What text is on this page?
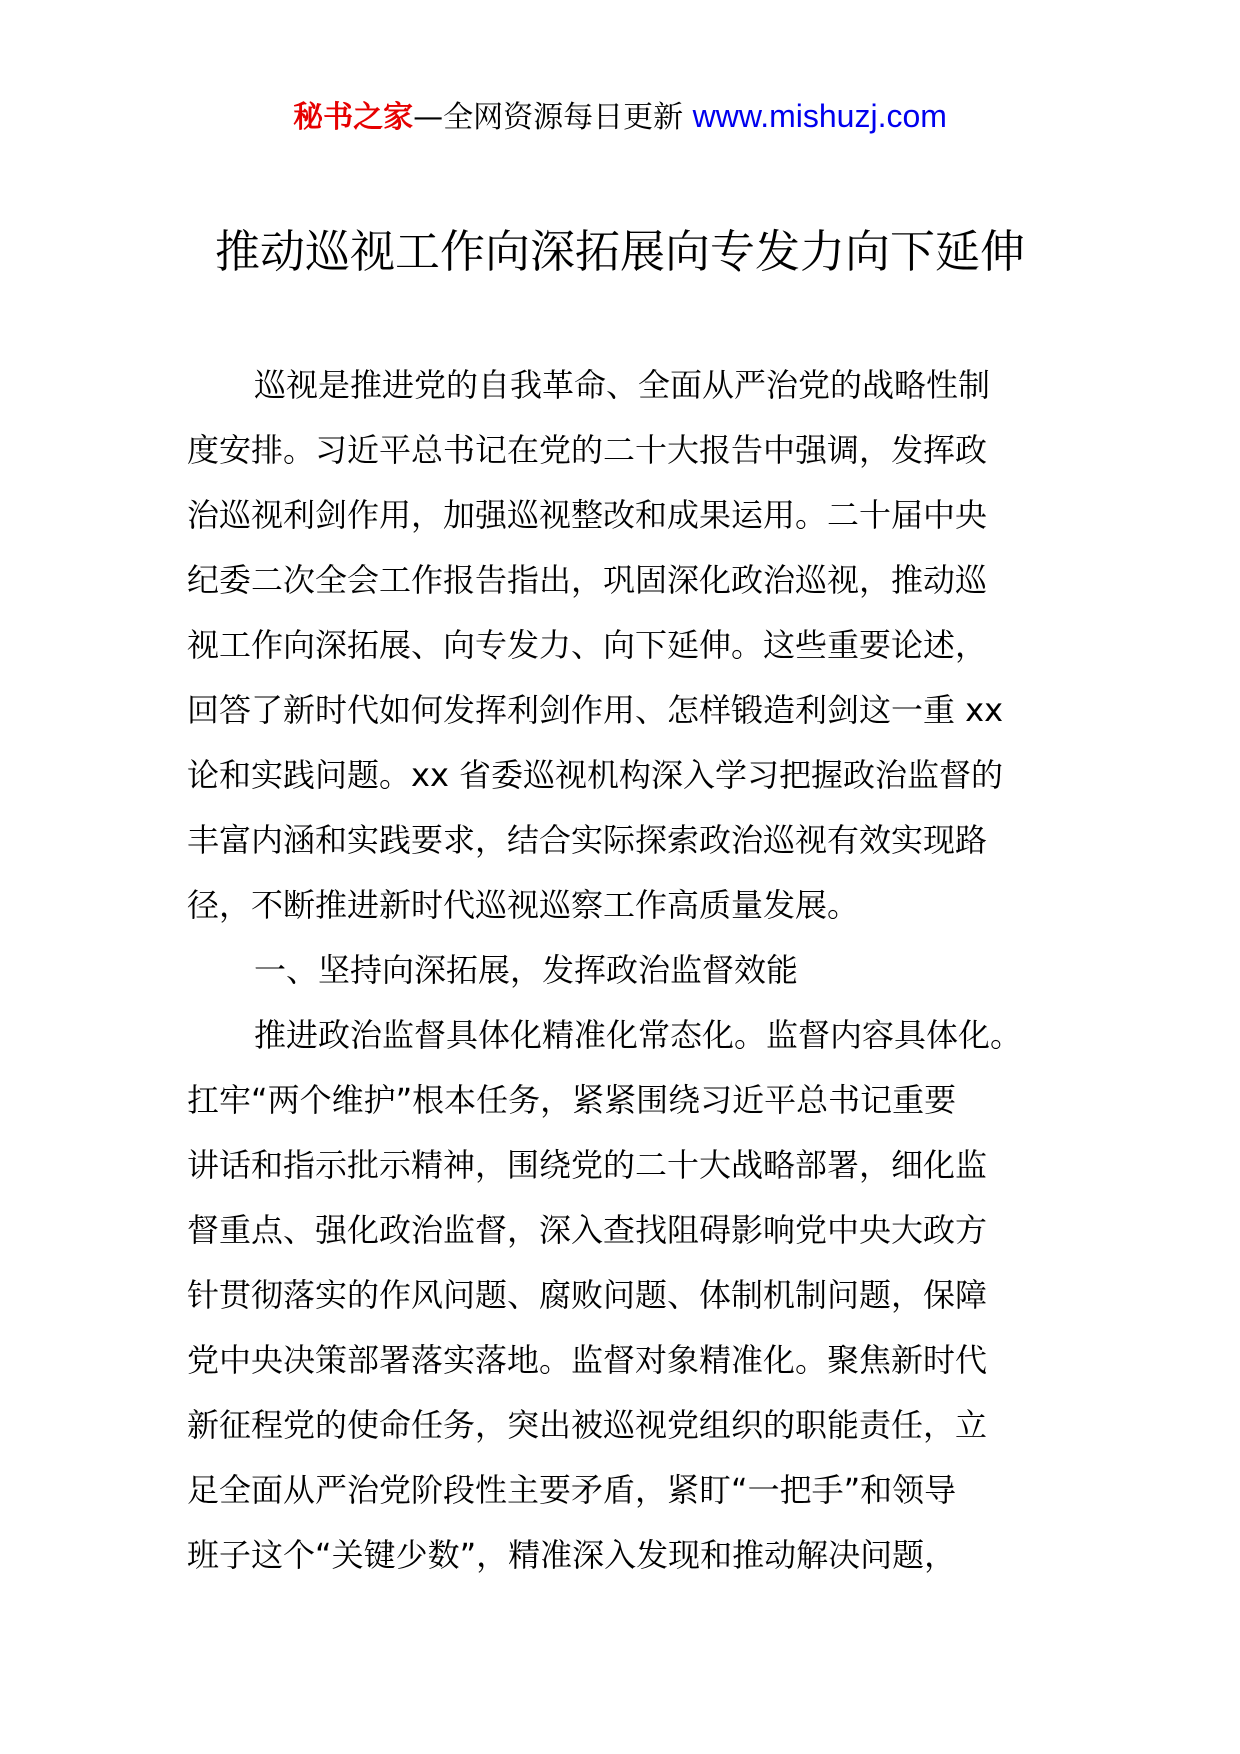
秘书之家—全网资源每日更新 www.mishuzj.com
推动巡视工作向深拓展向专发力向下延伸
巡视是推进党的自我革命、全面从严治党的战略性制
度安排。习近平总书记在党的二十大报告中强调，发挥政
治巡视利剑作用，加强巡视整改和成果运用。二十届中央
纪委二次全会工作报告指出，巩固深化政治巡视，推动巡
视工作向深拓展、向专发力、向下延伸。这些重要论述，
回答了新时代如何发挥利剑作用、怎样锻造利剑这一重 xx
论和实践问题。xx 省委巡视机构深入学习把握政治监督的
丰富内涵和实践要求，结合实际探索政治巡视有效实现路
径，不断推进新时代巡视巡察工作高质量发展。
一、坚持向深拓展，发挥政治监督效能
推进政治监督具体化精准化常态化。监督内容具体化。
扛牢“两个维护”根本任务，紧紧围绕习近平总书记重要
讲话和指示批示精神，围绕党的二十大战略部署，细化监
督重点、强化政治监督，深入查找阻碍影响党中央大政方
针贯彻落实的作风问题、腐败问题、体制机制问题，保障
党中央决策部署落实落地。监督对象精准化。聚焦新时代
新征程党的使命任务，突出被巡视党组织的职能责任，立
足全面从严治党阶段性主要矛盾，紧盯“一把手”和领导
班子这个“关键少数”，精准深入发现和推动解决问题，
